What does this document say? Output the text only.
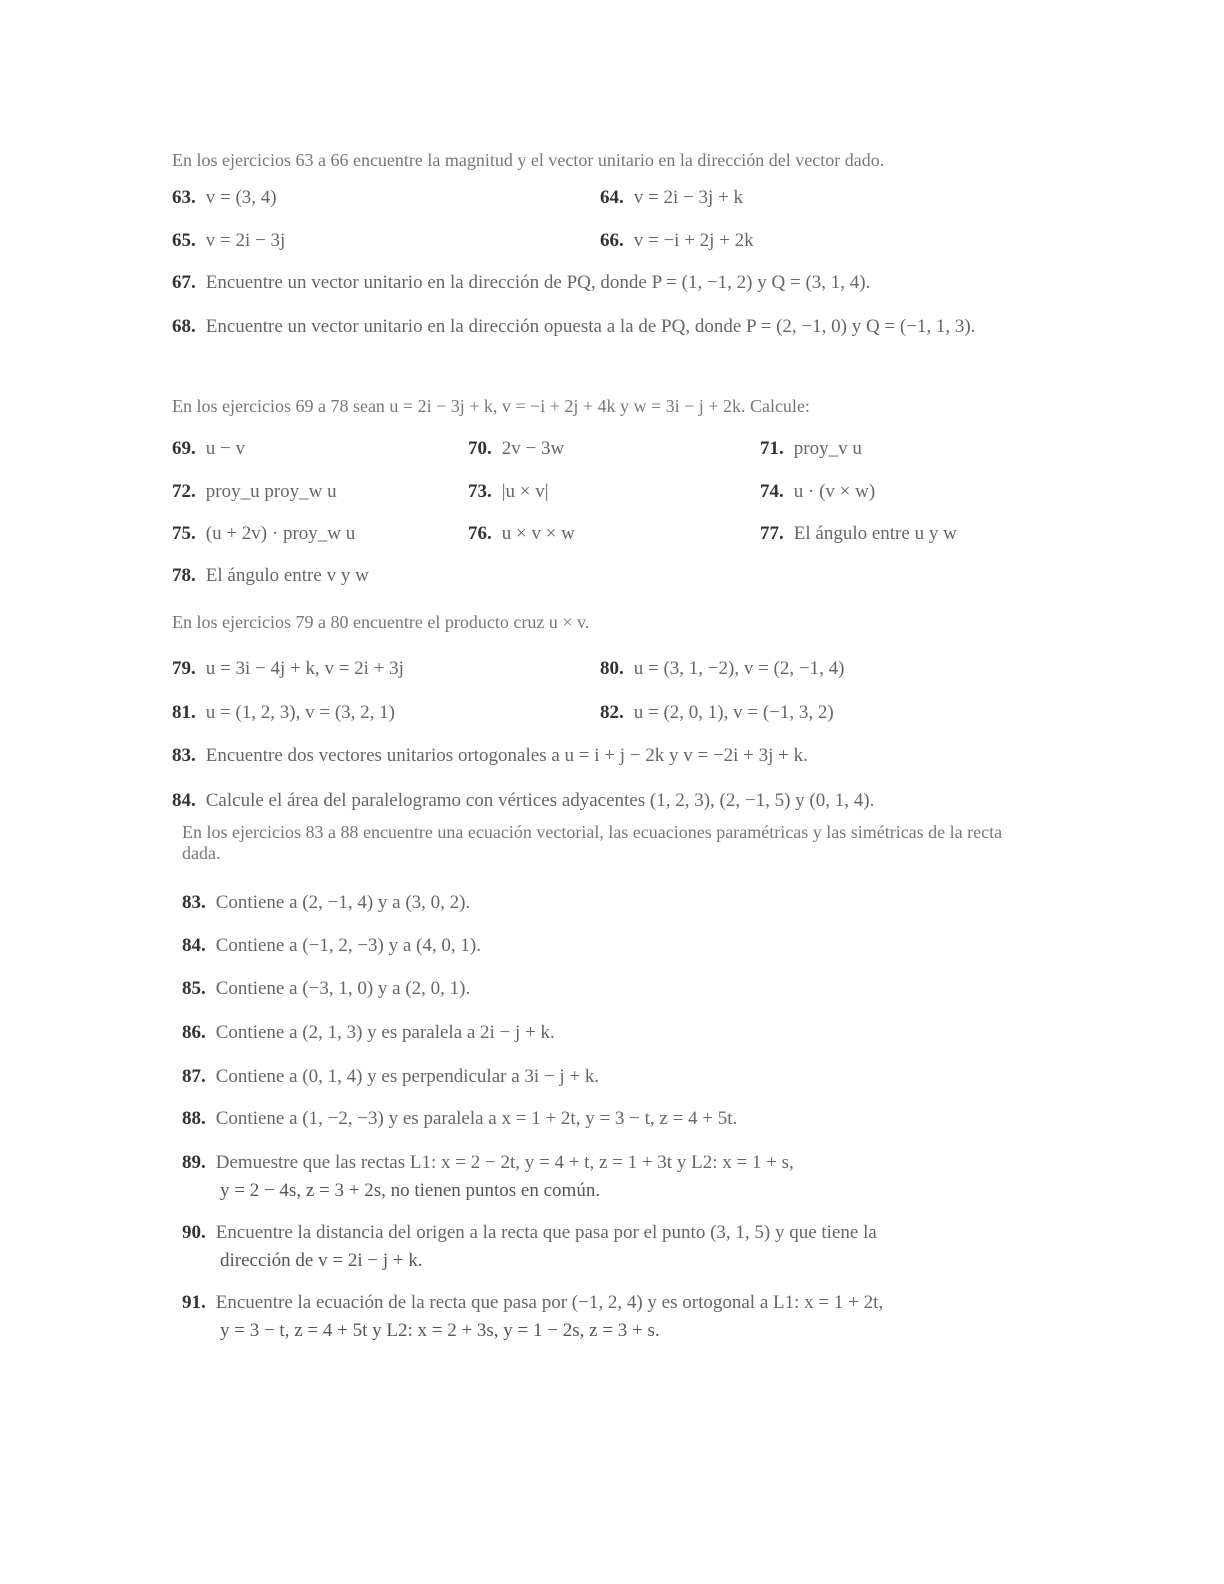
En los ejercicios 63 a 66 encuentre la magnitud y el vector unitario en la dirección del vector dado.
63. v = (3, 4)	64. v = 2i − 3j + k
65. v = 2i − 3j	66. v = −i + 2j + 2k
67. Encuentre un vector unitario en la dirección de PQ, donde P = (1, −1, 2) y Q = (3, 1, 4).
68. Encuentre un vector unitario en la dirección opuesta a la de PQ, donde P = (2, −1, 0) y Q = (−1, 1, 3).
En los ejercicios 69 a 78 sean u = 2i − 3j + k, v = −i + 2j + 4k y w = 3i − j + 2k. Calcule:
69. u − v	70. 2v − 3w	71. proy_v u
72. proy_u proy_w u	73. |u × v|	74. u · (v × w)
75. (u + 2v) · proy_w u	76. u × v × w	77. El ángulo entre u y w
78. El ángulo entre v y w
En los ejercicios 79 a 80 encuentre el producto cruz u × v.
79. u = 3i − 4j + k, v = 2i + 3j	80. u = (3, 1, −2), v = (2, −1, 4)
81. u = (1, 2, 3), v = (3, 2, 1)	82. u = (2, 0, 1), v = (−1, 3, 2)
83. Encuentre dos vectores unitarios ortogonales a u = i + j − 2k y v = −2i + 3j + k.
84. Calcule el área del paralelogramo con vértices adyacentes (1, 2, 3), (2, −1, 5) y (0, 1, 4).
En los ejercicios 83 a 88 encuentre una ecuación vectorial, las ecuaciones paramétricas y las simétricas de la recta dada.
83. Contiene a (2, −1, 4) y a (3, 0, 2).
84. Contiene a (−1, 2, −3) y a (4, 0, 1).
85. Contiene a (−3, 1, 0) y a (2, 0, 1).
86. Contiene a (2, 1, 3) y es paralela a 2i − j + k.
87. Contiene a (0, 1, 4) y es perpendicular a 3i − j + k.
88. Contiene a (1, −2, −3) y es paralela a x = 1 + 2t, y = 3 − t, z = 4 + 5t.
89. Demuestre que las rectas L1: x = 2 − 2t, y = 4 + t, z = 1 + 3t y L2: x = 1 + s,
y = 2 − 4s, z = 3 + 2s, no tienen puntos en común.
90. Encuentre la distancia del origen a la recta que pasa por el punto (3, 1, 5) y que tiene la
dirección de v = 2i − j + k.
91. Encuentre la ecuación de la recta que pasa por (−1, 2, 4) y es ortogonal a L1: x = 1 + 2t,
y = 3 − t, z = 4 + 5t y L2: x = 2 + 3s, y = 1 − 2s, z = 3 + s.
